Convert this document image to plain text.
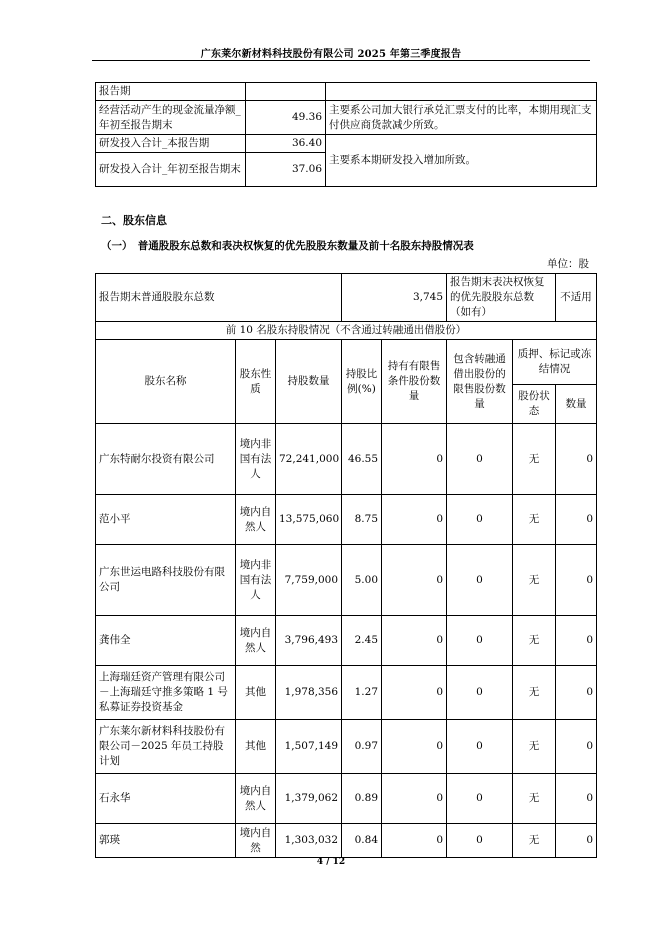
广东莱尔新材料科技股份有限公司 2025 年第三季度报告
报告期		
经营活动产生的现金流量净额_年初至报告期末	49.36	主要系公司加大银行承兑汇票支付的比率，本期用现汇支付供应商货款减少所致。
研发投入合计_本报告期	36.40	主要系本期研发投入增加所致。
研发投入合计_年初至报告期末	37.06	
二、股东信息
（一）　普通股股东总数和表决权恢复的优先股股东数量及前十名股东持股情况表
单位：股
报告期末普通股股东总数			3,745		报告期末表决权恢复的优先股股东总数（如有）		不适用
前 10 名股东持股情况（不含通过转融通出借股份）							
股东名称	股东性质	持股数量	持股比例(%)	持有有限售条件股份数量	包含转融通借出股份的限售股份数量	质押、标记或冻结情况	
						股份状态	数量
广东特耐尔投资有限公司	境内非国有法人	72,241,000	46.55	0	0	无	0
范小平	境内自然人	13,575,060	8.75	0	0	无	0
广东世运电路科技股份有限公司	境内非国有法人	7,759,000	5.00	0	0	无	0
龚伟全	境内自然人	3,796,493	2.45	0	0	无	0
上海瑞廷资产管理有限公司－上海瑞廷守推多策略 1 号私募证券投资基金	其他	1,978,356	1.27	0	0	无	0
广东莱尔新材料科技股份有限公司－2025 年员工持股计划	其他	1,507,149	0.97	0	0	无	0
石永华	境内自然人	1,379,062	0.89	0	0	无	0
郭瑛	境内自然	1,303,032	0.84	0	0	无	0
4 / 12
